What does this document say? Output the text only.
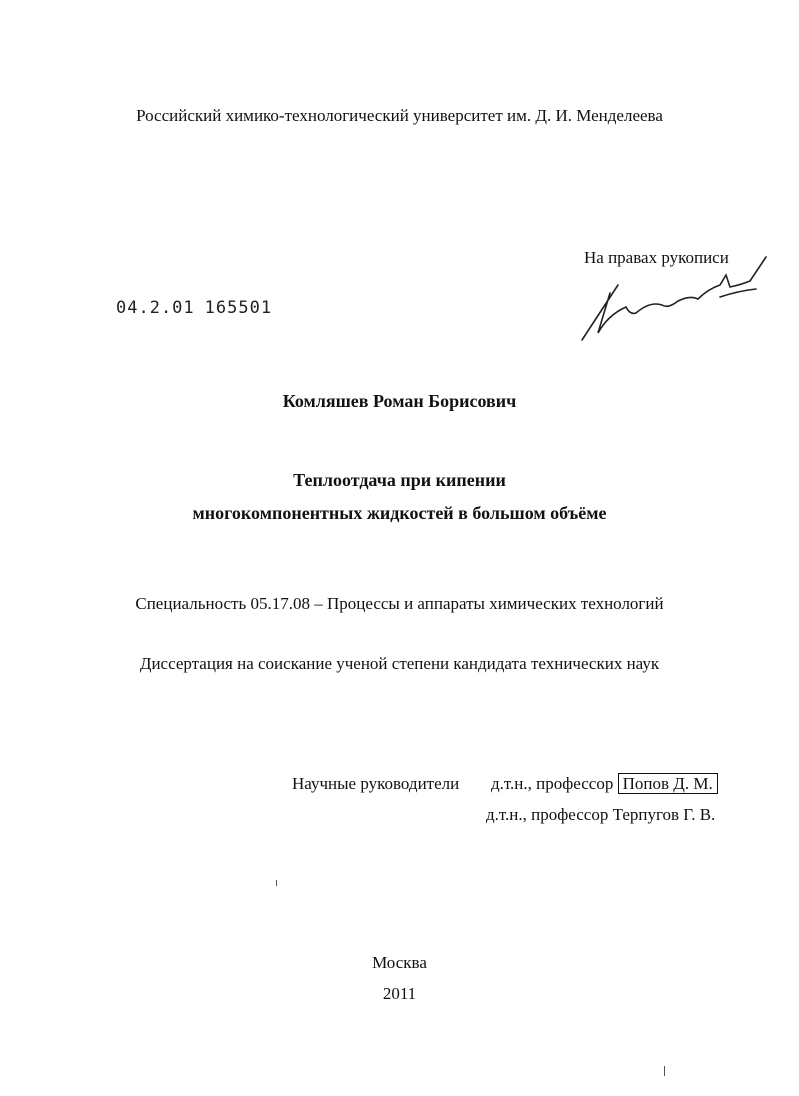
Российский химико-технологический университет им. Д. И. Менделеева
На правах рукописи
04.2.01 165501
Комляшев Роман Борисович
Теплоотдача при кипении
многокомпонентных жидкостей в большом объёме
Специальность 05.17.08 – Процессы и аппараты химических технологий
Диссертация на соискание ученой степени кандидата технических наук
Научные руководители д.т.н., профессор Попов Д. М.
д.т.н., профессор Терпугов Г. В.
Москва
2011
